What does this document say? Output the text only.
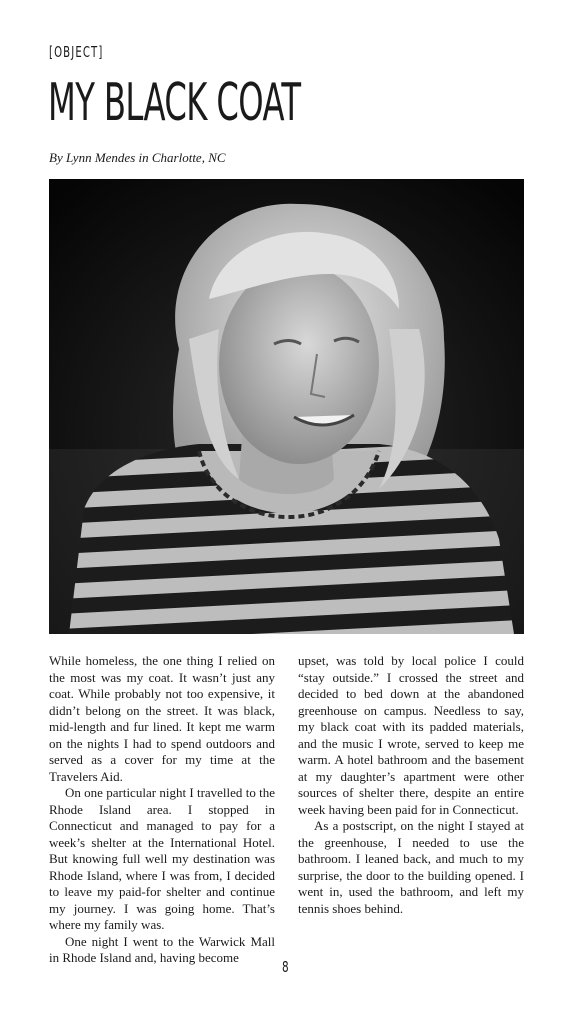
[OBJECT]
MY BLACK COAT
By Lynn Mendes in Charlotte, NC

While homeless, the one thing I relied on the most was my coat. It wasn’t just any coat. While probably not too expensive, it didn’t belong on the street. It was black, mid-length and fur lined. It kept me warm on the nights I had to spend outdoors and served as a cover for my time at the Travelers Aid.

On one particular night I travelled to the Rhode Island area. I stopped in Connecticut and managed to pay for a week’s shelter at the International Hotel. But knowing full well my destination was Rhode Island, where I was from, I decided to leave my paid-for shelter and continue my journey. I was going home. That’s where my family was.

One night I went to the Warwick Mall in Rhode Island and, having become

upset, was told by local police I could “stay outside.” I crossed the street and decided to bed down at the abandoned greenhouse on campus. Needless to say, my black coat with its padded materials, and the music I wrote, served to keep me warm. A hotel bathroom and the basement at my daughter’s apartment were other sources of shelter there, despite an entire week having been paid for in Connecticut.

As a postscript, on the night I stayed at the greenhouse, I needed to use the bathroom. I leaned back, and much to my surprise, the door to the building opened. I went in, used the bathroom, and left my tennis shoes behind.

8
